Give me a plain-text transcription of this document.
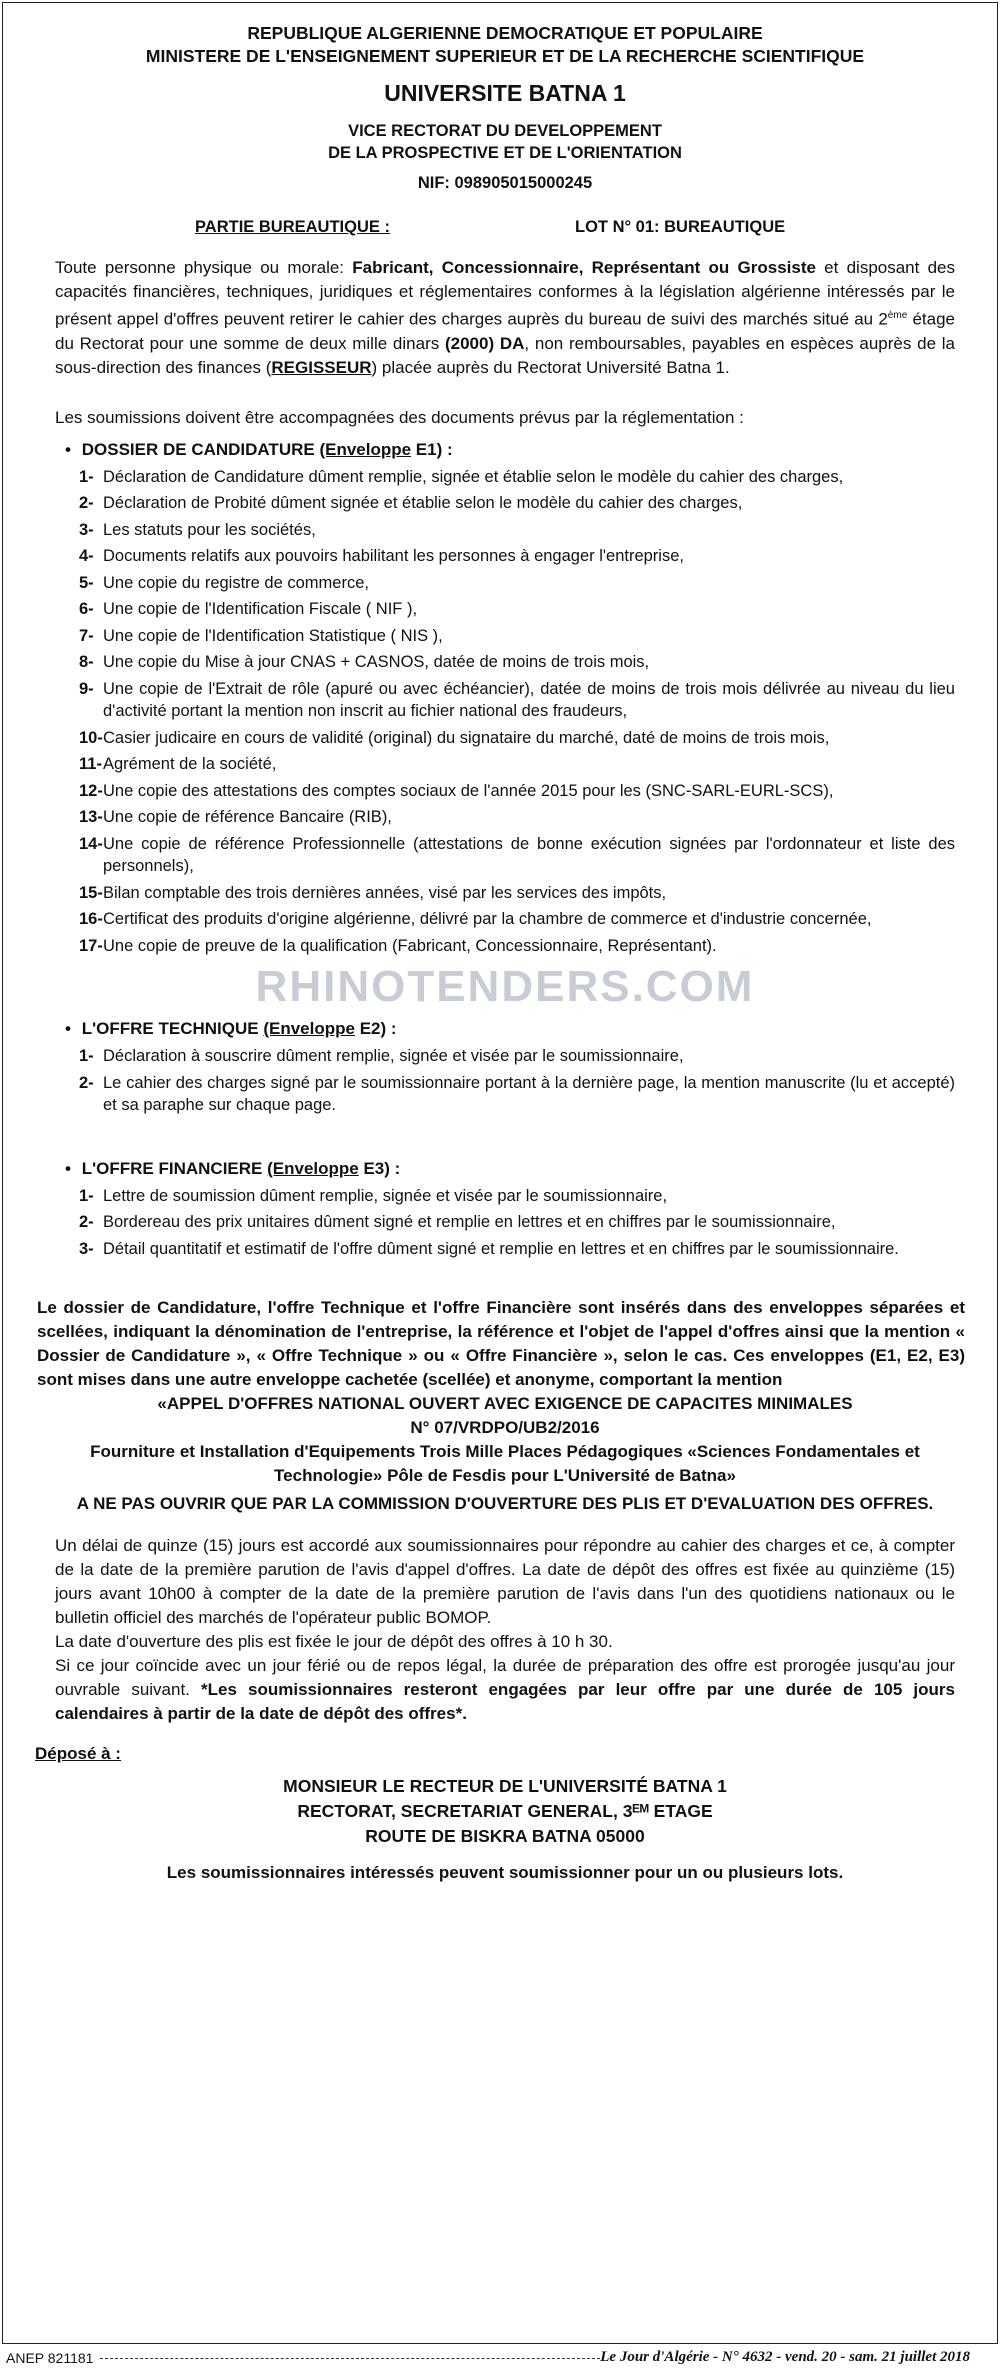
REPUBLIQUE ALGERIENNE DEMOCRATIQUE ET POPULAIRE
MINISTERE DE L'ENSEIGNEMENT SUPERIEUR ET DE LA RECHERCHE SCIENTIFIQUE
UNIVERSITE BATNA 1
VICE RECTORAT DU DEVELOPPEMENT
DE LA PROSPECTIVE ET DE L'ORIENTATION
NIF: 098905015000245
PARTIE BUREAUTIQUE :	LOT N° 01: BUREAUTIQUE

Toute personne physique ou morale: Fabricant, Concessionnaire, Représentant ou Grossiste et disposant des capacités financières, techniques, juridiques et réglementaires conformes à la législation algérienne intéressés par le présent appel d'offres peuvent retirer le cahier des charges auprès du bureau de suivi des marchés situé au 2ème étage du Rectorat pour une somme de deux mille dinars (2000) DA, non remboursables, payables en espèces auprès de la sous-direction des finances (REGISSEUR) placée auprès du Rectorat Université Batna 1.

Les soumissions doivent être accompagnées des documents prévus par la réglementation :

• DOSSIER DE CANDIDATURE (Enveloppe E1) :
1- Déclaration de Candidature dûment remplie, signée et établie selon le modèle du cahier des charges,
2- Déclaration de Probité dûment signée et établie selon le modèle du cahier des charges,
3- Les statuts pour les sociétés,
4- Documents relatifs aux pouvoirs habilitant les personnes à engager l'entreprise,
5- Une copie du registre de commerce,
6- Une copie de l'Identification Fiscale ( NIF ),
7- Une copie de l'Identification Statistique ( NIS ),
8- Une copie du Mise à jour CNAS + CASNOS, datée de moins de trois mois,
9- Une copie de l'Extrait de rôle (apuré ou avec échéancier), datée de moins de trois mois délivrée au niveau du lieu d'activité portant la mention non inscrit au fichier national des fraudeurs,
10- Casier judicaire en cours de validité (original) du signataire du marché, daté de moins de trois mois,
11- Agrément de la société,
12- Une copie des attestations des comptes sociaux de l'année 2015 pour les (SNC-SARL-EURL-SCS),
13- Une copie de référence Bancaire (RIB),
14- Une copie de référence Professionnelle (attestations de bonne exécution signées par l'ordonnateur et liste des personnels),
15- Bilan comptable des trois dernières années, visé par les services des impôts,
16- Certificat des produits d'origine algérienne, délivré par la chambre de commerce et d'industrie concernée,
17- Une copie de preuve de la qualification (Fabricant, Concessionnaire, Représentant).
RHINOTENDERS.COM
• L'OFFRE TECHNIQUE (Enveloppe E2) :
1- Déclaration à souscrire dûment remplie, signée et visée par le soumissionnaire,
2- Le cahier des charges signé par le soumissionnaire portant à la dernière page, la mention manuscrite (lu et accepté) et sa paraphe sur chaque page.
• L'OFFRE FINANCIERE (Enveloppe E3) :
1- Lettre de soumission dûment remplie, signée et visée par le soumissionnaire,
2- Bordereau des prix unitaires dûment signé et remplie en lettres et en chiffres par le soumissionnaire,
3- Détail quantitatif et estimatif de l'offre dûment signé et remplie en lettres et en chiffres par le soumissionnaire.

Le dossier de Candidature, l'offre Technique et l'offre Financière sont insérés dans des enveloppes séparées et scellées, indiquant la dénomination de l'entreprise, la référence et l'objet de l'appel d'offres ainsi que la mention « Dossier de Candidature », « Offre Technique » ou « Offre Financière », selon le cas. Ces enveloppes (E1, E2, E3) sont mises dans une autre enveloppe cachetée (scellée) et anonyme, comportant la mention

«APPEL D'OFFRES NATIONAL OUVERT AVEC EXIGENCE DE CAPACITES MINIMALES
N° 07/VRDPO/UB2/2016
Fourniture et Installation d'Equipements Trois Mille Places Pédagogiques «Sciences Fondamentales et Technologie» Pôle de Fesdis pour L'Université de Batna»
A NE PAS OUVRIR QUE PAR LA COMMISSION D'OUVERTURE DES PLIS ET D'EVALUATION DES OFFRES.

Un délai de quinze (15) jours est accordé aux soumissionnaires pour répondre au cahier des charges et ce, à compter de la date de la première parution de l'avis d'appel d'offres. La date de dépôt des offres est fixée au quinzième (15) jours avant 10h00 à compter de la date de la première parution de l'avis dans l'un des quotidiens nationaux ou le bulletin officiel des marchés de l'opérateur public BOMOP.

La date d'ouverture des plis est fixée le jour de dépôt des offres à 10 h 30.

Si ce jour coïncide avec un jour férié ou de repos légal, la durée de préparation des offre est prorogée jusqu'au jour ouvrable suivant. *Les soumissionnaires resteront engagées par leur offre par une durée de 105 jours calendaires à partir de la date de dépôt des offres*.

Déposé à :
MONSIEUR LE RECTEUR DE L'UNIVERSITÉ BATNA 1
RECTORAT, SECRETARIAT GENERAL, 3ᴱᴹ ETAGE
ROUTE DE BISKRA BATNA 05000
Les soumissionnaires intéressés peuvent soumissionner pour un ou plusieurs lots.
ANEP 821181	Le Jour d'Algérie - N° 4632 - vend. 20 - sam. 21 juillet 2018
